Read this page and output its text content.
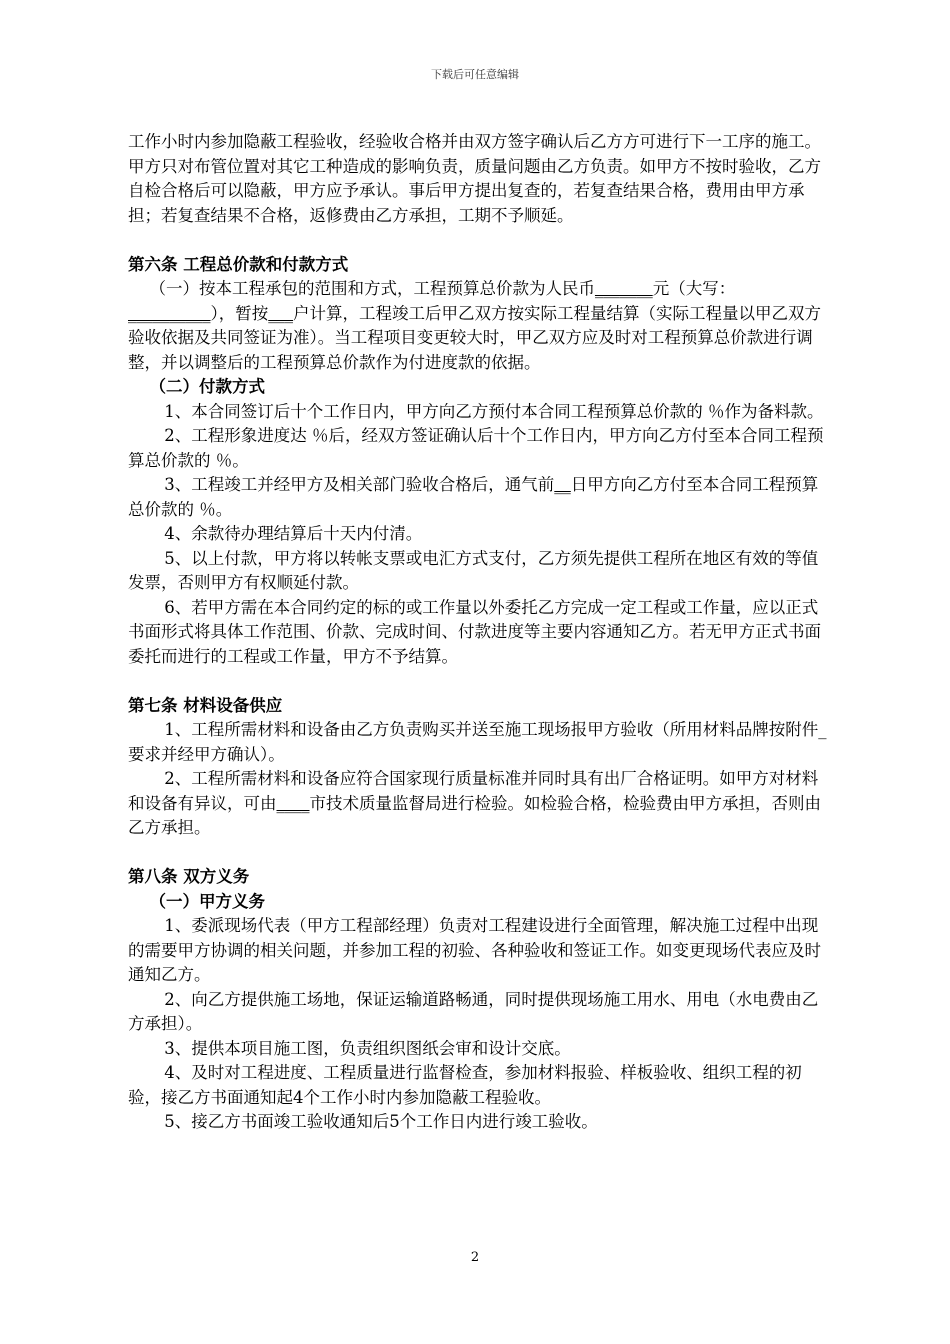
下载后可任意编辑

工作小时内参加隐蔽工程验收，经验收合格并由双方签字确认后乙方方可进行下一工序的施工。甲方只对布管位置对其它工种造成的影响负责，质量问题由乙方负责。如甲方不按时验收，乙方自检合格后可以隐蔽，甲方应予承认。事后甲方提出复查的，若复查结果合格，费用由甲方承担；若复查结果不合格，返修费由乙方承担，工期不予顺延。

第六条 工程总价款和付款方式

（一）按本工程承包的范围和方式，工程预算总价款为人民币_______元（大写：__________），暂按___户计算，工程竣工后甲乙双方按实际工程量结算（实际工程量以甲乙双方验收依据及共同签证为准）。当工程项目变更较大时，甲乙双方应及时对工程预算总价款进行调整，并以调整后的工程预算总价款作为付进度款的依据。

（二）付款方式

1、本合同签订后十个工作日内，甲方向乙方预付本合同工程预算总价款的 ％作为备料款。

2、工程形象进度达 ％后，经双方签证确认后十个工作日内，甲方向乙方付至本合同工程预算总价款的 ％。

3、工程竣工并经甲方及相关部门验收合格后，通气前__日甲方向乙方付至本合同工程预算总价款的 ％。

4、余款待办理结算后十天内付清。

5、以上付款，甲方将以转帐支票或电汇方式支付，乙方须先提供工程所在地区有效的等值发票，否则甲方有权顺延付款。

6、若甲方需在本合同约定的标的或工作量以外委托乙方完成一定工程或工作量，应以正式书面形式将具体工作范围、价款、完成时间、付款进度等主要内容通知乙方。若无甲方正式书面委托而进行的工程或工作量，甲方不予结算。

第七条 材料设备供应

1、工程所需材料和设备由乙方负责购买并送至施工现场报甲方验收（所用材料品牌按附件_要求并经甲方确认）。

2、工程所需材料和设备应符合国家现行质量标准并同时具有出厂合格证明。如甲方对材料和设备有异议，可由____市技术质量监督局进行检验。如检验合格，检验费由甲方承担，否则由乙方承担。

第八条 双方义务

（一）甲方义务

1、委派现场代表（甲方工程部经理）负责对工程建设进行全面管理，解决施工过程中出现的需要甲方协调的相关问题，并参加工程的初验、各种验收和签证工作。如变更现场代表应及时通知乙方。

2、向乙方提供施工场地，保证运输道路畅通，同时提供现场施工用水、用电（水电费由乙方承担）。

3、提供本项目施工图，负责组织图纸会审和设计交底。

4、及时对工程进度、工程质量进行监督检查，参加材料报验、样板验收、组织工程的初验，接乙方书面通知起4个工作小时内参加隐蔽工程验收。

5、接乙方书面竣工验收通知后5个工作日内进行竣工验收。

2
